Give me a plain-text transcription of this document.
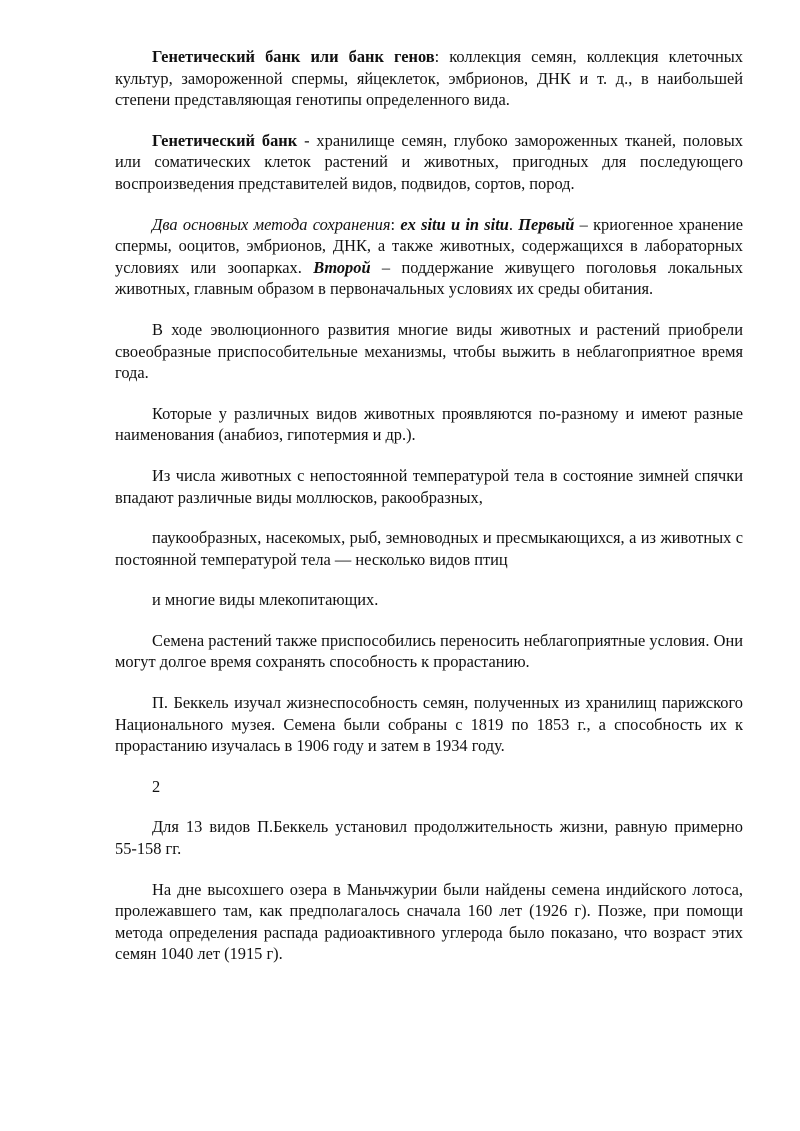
Генетический банк или банк генов: коллекция семян, коллекция клеточных культур, замороженной спермы, яйцеклеток, эмбрионов, ДНК и т. д., в наибольшей степени представляющая генотипы определенного вида.

Генетический банк - хранилище семян, глубоко замороженных тканей, половых или соматических клеток растений и животных, пригодных для последующего воспроизведения представителей видов, подвидов, сортов, пород.

Два основных метода сохранения: ex situ и in situ. Первый – криогенное хранение спермы, ооцитов, эмбрионов, ДНК, а также животных, содержащихся в лабораторных условиях или зоопарках. Второй – поддержание живущего поголовья локальных животных, главным образом в первоначальных условиях их среды обитания.

В ходе эволюционного развития многие виды животных и растений приобрели своеобразные приспособительные механизмы, чтобы выжить в неблагоприятное время года.

Которые у различных видов животных проявляются по-разному и имеют разные наименования (анабиоз, гипотермия и др.).

Из числа животных с непостоянной температурой тела в состояние зимней спячки впадают различные виды моллюсков, ракообразных,

паукообразных, насекомых, рыб, земноводных и пресмыкающихся, а из животных с постоянной температурой тела — несколько видов птиц

и многие виды млекопитающих.

Семена растений также приспособились переносить неблагоприятные условия. Они могут долгое время сохранять способность к прорастанию.

П. Беккель изучал жизнеспособность семян, полученных из хранилищ парижского Национального музея. Семена были собраны с 1819 по 1853 г., а способность их к прорастанию изучалась в 1906 году и затем в 1934 году.

2

Для 13 видов П.Беккель установил продолжительность жизни, равную примерно 55-158 гг.

На дне высохшего озера в Маньчжурии были найдены семена индийского лотоса, пролежавшего там, как предполагалось сначала 160 лет (1926 г). Позже, при помощи метода определения распада радиоактивного углерода было показано, что возраст этих семян 1040 лет (1915 г).
